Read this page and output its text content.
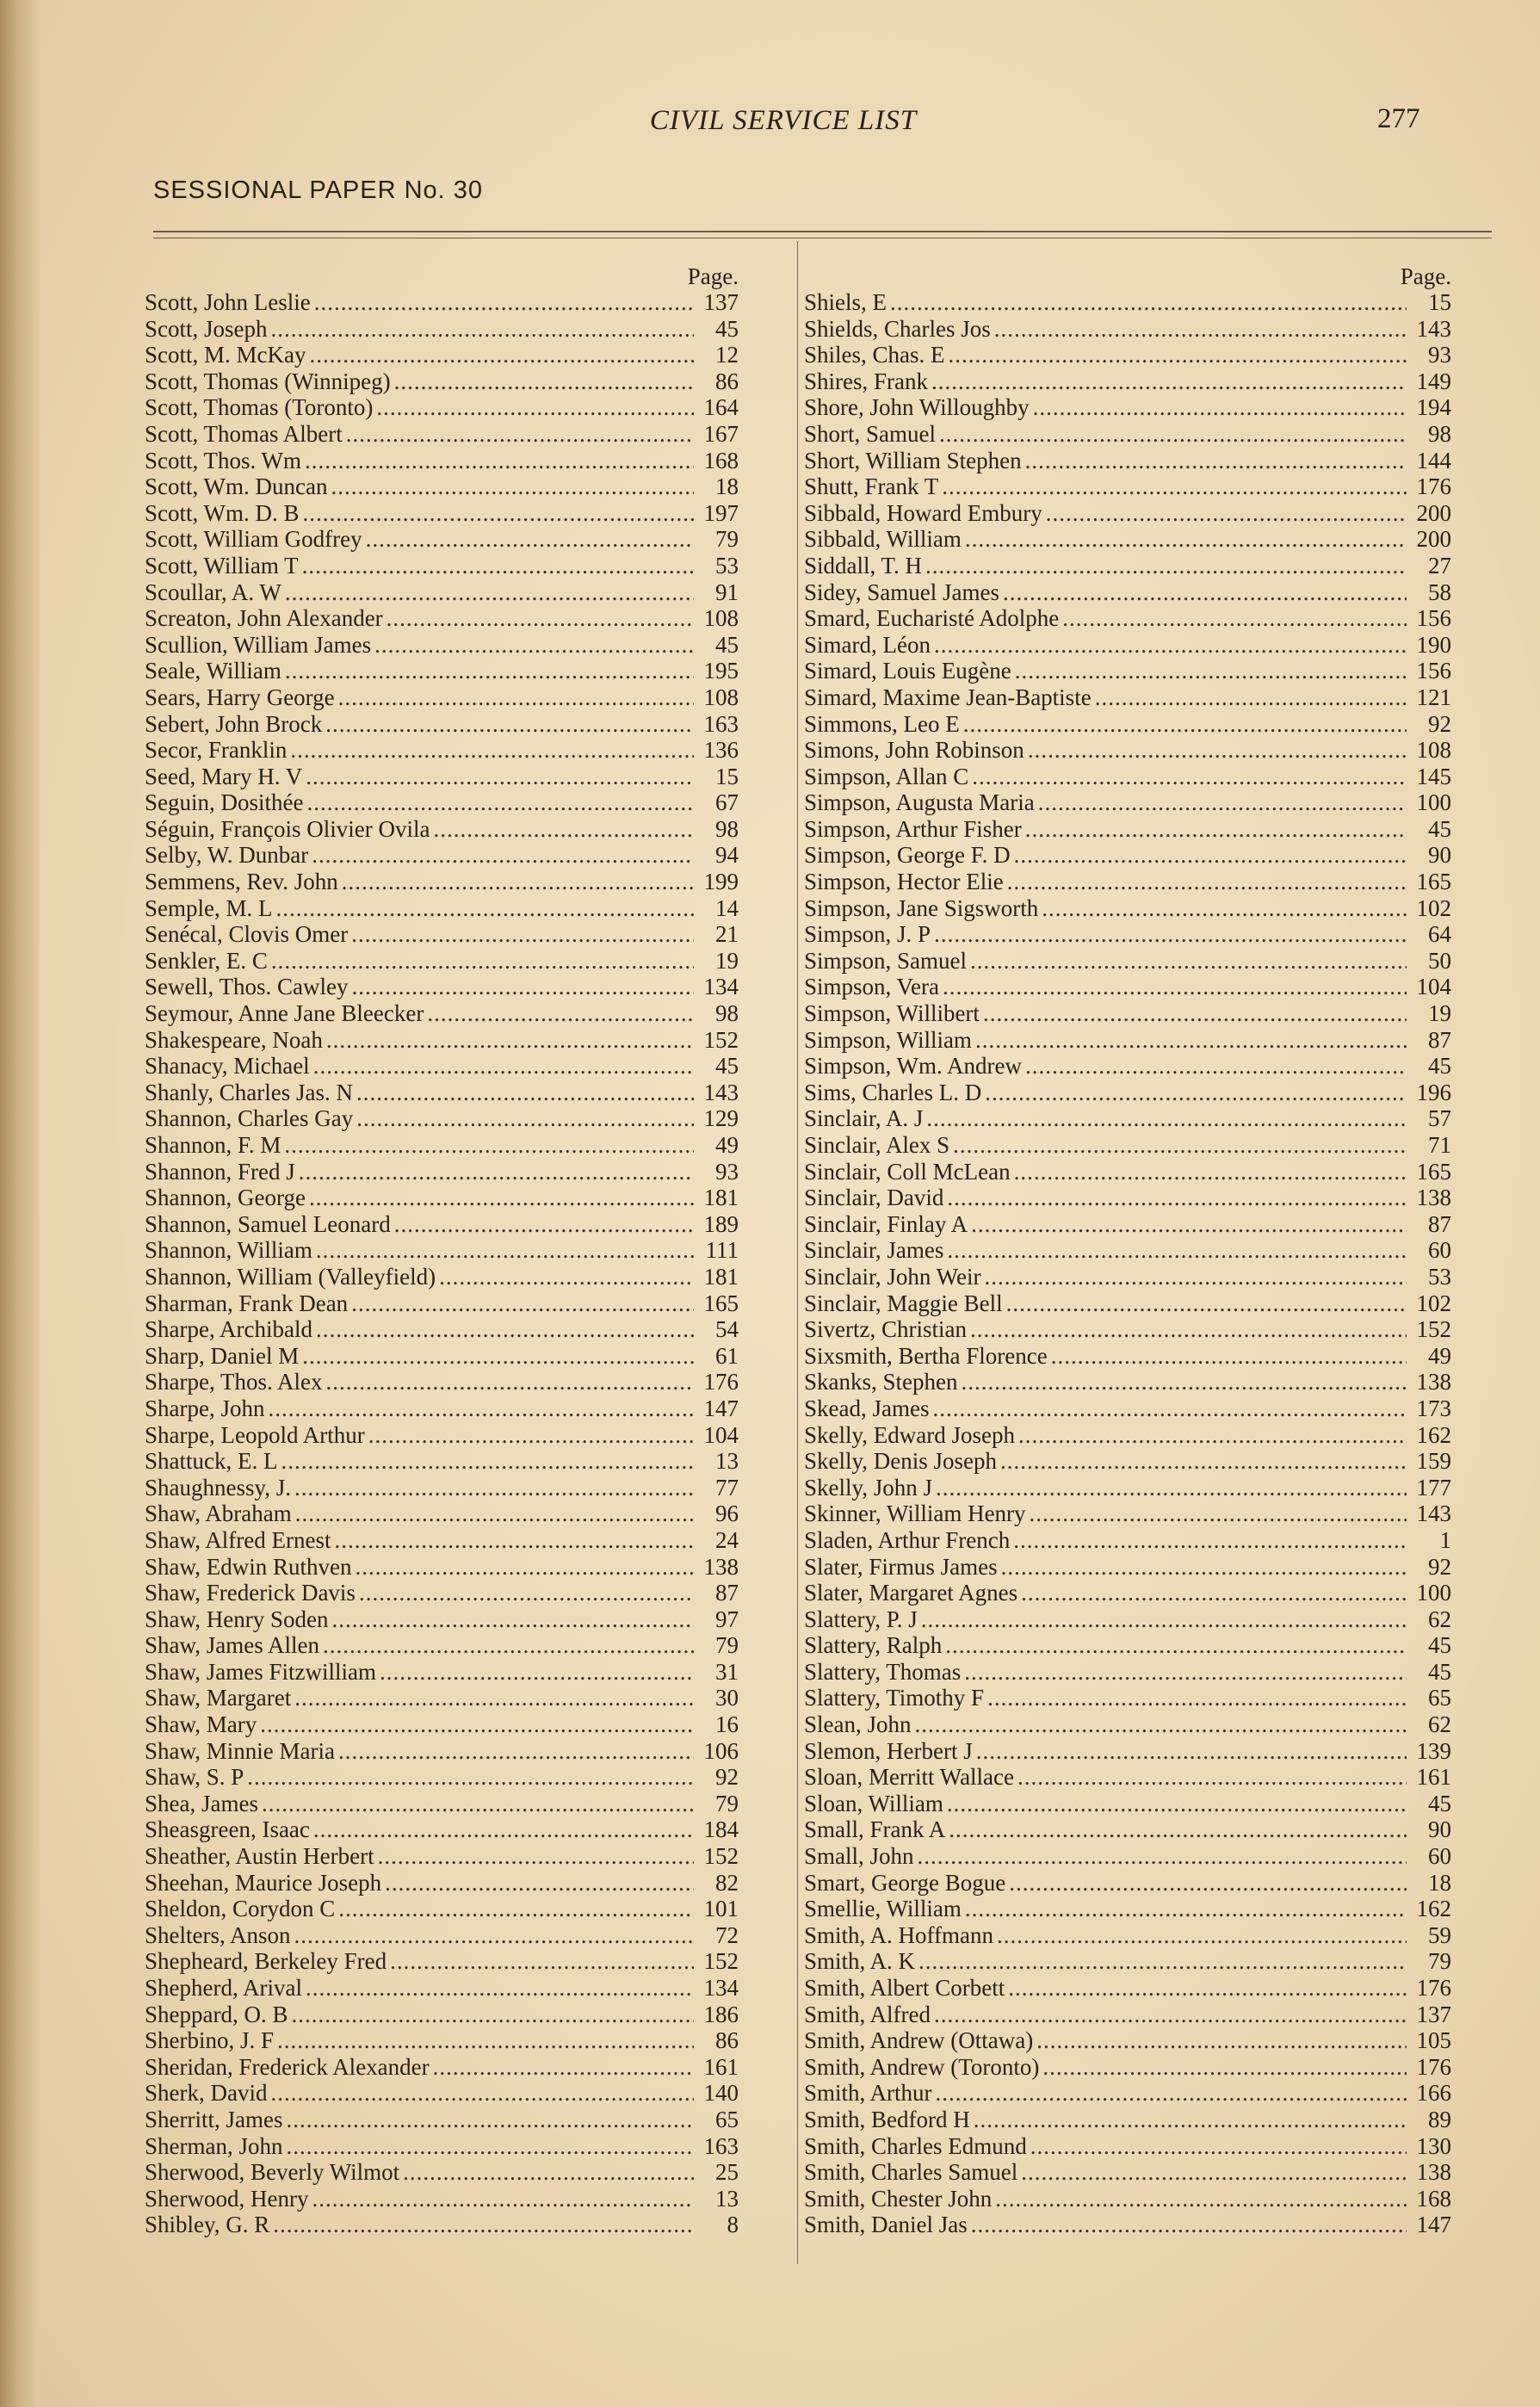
CIVIL SERVICE LIST	277
SESSIONAL PAPER No. 30
Page.
Scott, John Leslie .....	137
Scott, Joseph .....	45
Scott, M. McKay .....	12
Scott, Thomas (Winnipeg) .....	86
Scott, Thomas (Toronto) .....	164
Scott, Thomas Albert .....	167
Scott, Thos. Wm .....	168
Scott, Wm. Duncan .....	18
Scott, Wm. D. B .....	197
Scott, William Godfrey .....	79
Scott, William T .....	53
Scoullar, A. W .....	91
Screaton, John Alexander .....	108
Scullion, William James .....	45
Seale, William .....	195
Sears, Harry George .....	108
Sebert, John Brock .....	163
Secor, Franklin .....	136
Seed, Mary H. V .....	15
Seguin, Dosithée .....	67
Séguin, François Olivier Ovila .....	98
Selby, W. Dunbar .....	94
Semmens, Rev. John .....	199
Semple, M. L .....	14
Senécal, Clovis Omer .....	21
Senkler, E. C .....	19
Sewell, Thos. Cawley .....	134
Seymour, Anne Jane Bleecker .....	98
Shakespeare, Noah .....	152
Shanacy, Michael .....	45
Shanly, Charles Jas. N .....	143
Shannon, Charles Gay .....	129
Shannon, F. M .....	49
Shannon, Fred J .....	93
Shannon, George .....	181
Shannon, Samuel Leonard .....	189
Shannon, William .....	111
Shannon, William (Valleyfield) .....	181
Sharman, Frank Dean .....	165
Sharpe, Archibald .....	54
Sharp, Daniel M .....	61
Sharpe, Thos. Alex .....	176
Sharpe, John .....	147
Sharpe, Leopold Arthur .....	104
Shattuck, E. L .....	13
Shaughnessy, J. .....	77
Shaw, Abraham .....	96
Shaw, Alfred Ernest .....	24
Shaw, Edwin Ruthven .....	138
Shaw, Frederick Davis .....	87
Shaw, Henry Soden .....	97
Shaw, James Allen .....	79
Shaw, James Fitzwilliam .....	31
Shaw, Margaret .....	30
Shaw, Mary .....	16
Shaw, Minnie Maria .....	106
Shaw, S. P .....	92
Shea, James .....	79
Sheasgreen, Isaac .....	184
Sheather, Austin Herbert .....	152
Sheehan, Maurice Joseph .....	82
Sheldon, Corydon C .....	101
Shelters, Anson .....	72
Shepheard, Berkeley Fred .....	152
Shepherd, Arival .....	134
Sheppard, O. B .....	186
Sherbino, J. F .....	86
Sheridan, Frederick Alexander .....	161
Sherk, David .....	140
Sherritt, James .....	65
Sherman, John .....	163
Sherwood, Beverly Wilmot .....	25
Sherwood, Henry .....	13
Shibley, G. R .....	8
Page.
Shiels, E .....	15
Shields, Charles Jos .....	143
Shiles, Chas. E .....	93
Shires, Frank .....	149
Shore, John Willoughby .....	194
Short, Samuel .....	98
Short, William Stephen .....	144
Shutt, Frank T .....	176
Sibbald, Howard Embury .....	200
Sibbald, William .....	200
Siddall, T. H .....	27
Sidey, Samuel James .....	58
Smard, Eucharisté Adolphe .....	156
Simard, Léon .....	190
Simard, Louis Eugène .....	156
Simard, Maxime Jean-Baptiste .....	121
Simmons, Leo E .....	92
Simons, John Robinson .....	108
Simpson, Allan C .....	145
Simpson, Augusta Maria .....	100
Simpson, Arthur Fisher .....	45
Simpson, George F. D .....	90
Simpson, Hector Elie .....	165
Simpson, Jane Sigsworth .....	102
Simpson, J. P .....	64
Simpson, Samuel .....	50
Simpson, Vera .....	104
Simpson, Willibert .....	19
Simpson, William .....	87
Simpson, Wm. Andrew .....	45
Sims, Charles L. D .....	196
Sinclair, A. J .....	57
Sinclair, Alex S .....	71
Sinclair, Coll McLean .....	165
Sinclair, David .....	138
Sinclair, Finlay A .....	87
Sinclair, James .....	60
Sinclair, John Weir .....	53
Sinclair, Maggie Bell .....	102
Sivertz, Christian .....	152
Sixsmith, Bertha Florence .....	49
Skanks, Stephen .....	138
Skead, James .....	173
Skelly, Edward Joseph .....	162
Skelly, Denis Joseph .....	159
Skelly, John J .....	177
Skinner, William Henry .....	143
Sladen, Arthur French .....	1
Slater, Firmus James .....	92
Slater, Margaret Agnes .....	100
Slattery, P. J .....	62
Slattery, Ralph .....	45
Slattery, Thomas .....	45
Slattery, Timothy F .....	65
Slean, John .....	62
Slemon, Herbert J .....	139
Sloan, Merritt Wallace .....	161
Sloan, William .....	45
Small, Frank A .....	90
Small, John .....	60
Smart, George Bogue .....	18
Smellie, William .....	162
Smith, A. Hoffmann .....	59
Smith, A. K .....	79
Smith, Albert Corbett .....	176
Smith, Alfred .....	137
Smith, Andrew (Ottawa) .....	105
Smith, Andrew (Toronto) .....	176
Smith, Arthur .....	166
Smith, Bedford H .....	89
Smith, Charles Edmund .....	130
Smith, Charles Samuel .....	138
Smith, Chester John .....	168
Smith, Daniel Jas .....	147
